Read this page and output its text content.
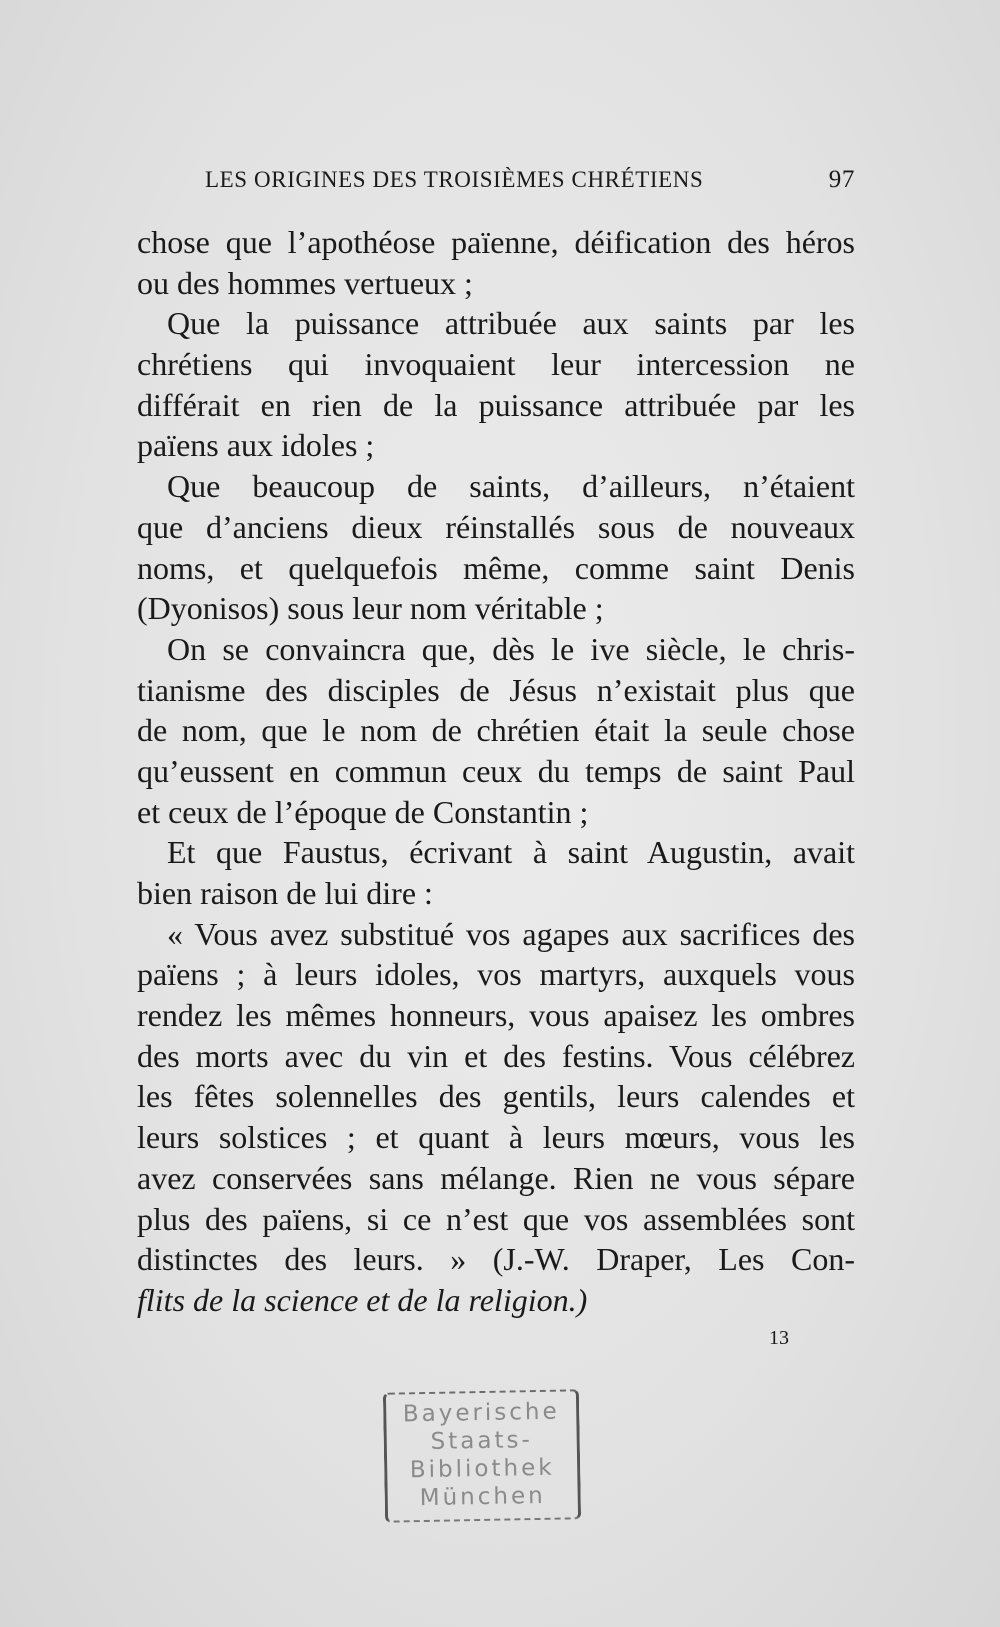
LES ORIGINES DES TROISIÈMES CHRÉTIENS	97
chose que l’apothéose païenne, déification des héros
ou des hommes vertueux ;
Que la puissance attribuée aux saints par les
chrétiens qui invoquaient leur intercession ne
différait en rien de la puissance attribuée par les
païens aux idoles ;
Que beaucoup de saints, d’ailleurs, n’étaient
que d’anciens dieux réinstallés sous de nouveaux
noms, et quelquefois même, comme saint Denis
(Dyonisos) sous leur nom véritable ;
On se convaincra que, dès le ive siècle, le chris-
tianisme des disciples de Jésus n’existait plus que
de nom, que le nom de chrétien était la seule chose
qu’eussent en commun ceux du temps de saint Paul
et ceux de l’époque de Constantin ;
Et que Faustus, écrivant à saint Augustin, avait
bien raison de lui dire :
« Vous avez substitué vos agapes aux sacrifices des
païens ; à leurs idoles, vos martyrs, auxquels vous
rendez les mêmes honneurs, vous apaisez les ombres
des morts avec du vin et des festins. Vous célébrez
les fêtes solennelles des gentils, leurs calendes et
leurs solstices ; et quant à leurs mœurs, vous les
avez conservées sans mélange. Rien ne vous sépare
plus des païens, si ce n’est que vos assemblées sont
distinctes des leurs. » (J.-W. Draper, Les Con-
flits de la science et de la religion.)
13
Bayerische
Staats-
Bibliothek
München
